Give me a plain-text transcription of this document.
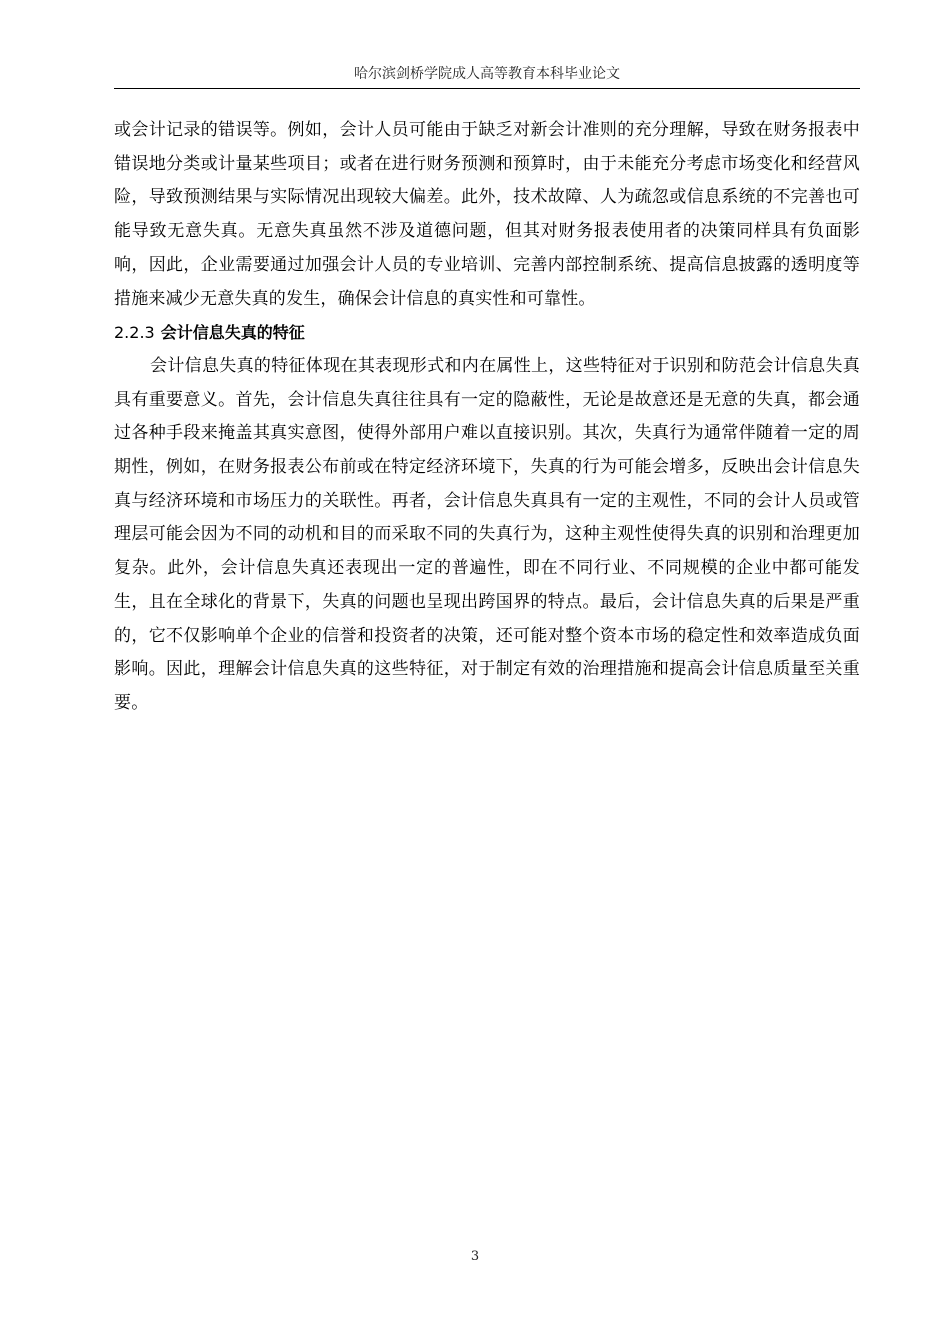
哈尔滨剑桥学院成人高等教育本科毕业论文

或会计记录的错误等。例如，会计人员可能由于缺乏对新会计准则的充分理解，导致在财务报表中错误地分类或计量某些项目；或者在进行财务预测和预算时，由于未能充分考虑市场变化和经营风险，导致预测结果与实际情况出现较大偏差。此外，技术故障、人为疏忽或信息系统的不完善也可能导致无意失真。无意失真虽然不涉及道德问题，但其对财务报表使用者的决策同样具有负面影响，因此，企业需要通过加强会计人员的专业培训、完善内部控制系统、提高信息披露的透明度等措施来减少无意失真的发生，确保会计信息的真实性和可靠性。

2.2.3 会计信息失真的特征

会计信息失真的特征体现在其表现形式和内在属性上，这些特征对于识别和防范会计信息失真具有重要意义。首先，会计信息失真往往具有一定的隐蔽性，无论是故意还是无意的失真，都会通过各种手段来掩盖其真实意图，使得外部用户难以直接识别。其次，失真行为通常伴随着一定的周期性，例如，在财务报表公布前或在特定经济环境下，失真的行为可能会增多，反映出会计信息失真与经济环境和市场压力的关联性。再者，会计信息失真具有一定的主观性，不同的会计人员或管理层可能会因为不同的动机和目的而采取不同的失真行为，这种主观性使得失真的识别和治理更加复杂。此外，会计信息失真还表现出一定的普遍性，即在不同行业、不同规模的企业中都可能发生，且在全球化的背景下，失真的问题也呈现出跨国界的特点。最后，会计信息失真的后果是严重的，它不仅影响单个企业的信誉和投资者的决策，还可能对整个资本市场的稳定性和效率造成负面影响。因此，理解会计信息失真的这些特征，对于制定有效的治理措施和提高会计信息质量至关重要。

3
